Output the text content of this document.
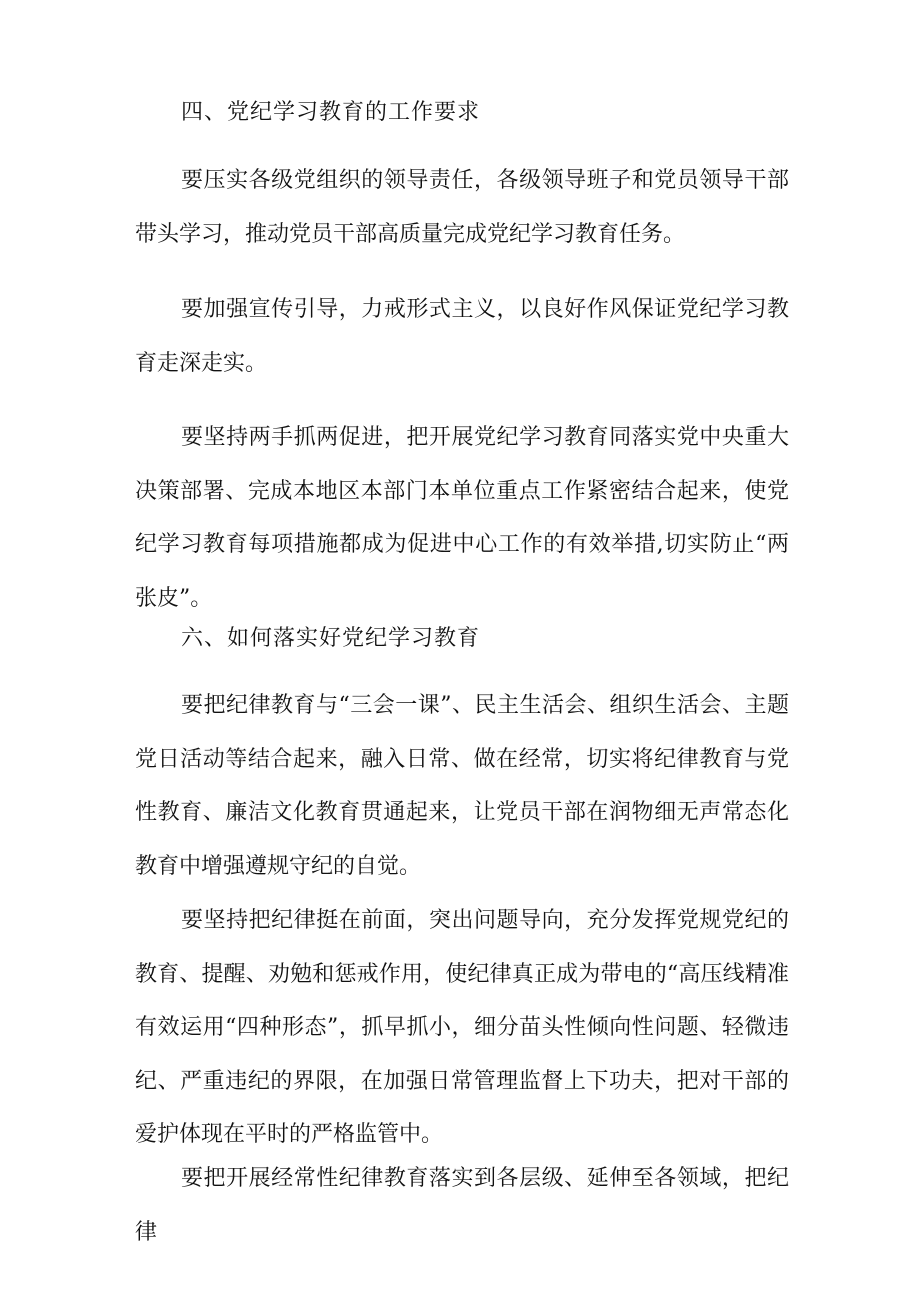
四、党纪学习教育的工作要求

要压实各级党组织的领导责任，各级领导班子和党员领导干部带头学习，推动党员干部高质量完成党纪学习教育任务。

要加强宣传引导，力戒形式主义，以良好作风保证党纪学习教育走深走实。

要坚持两手抓两促进，把开展党纪学习教育同落实党中央重大决策部署、完成本地区本部门本单位重点工作紧密结合起来，使党纪学习教育每项措施都成为促进中心工作的有效举措,切实防止“两张皮”。

六、如何落实好党纪学习教育

要把纪律教育与“三会一课”、民主生活会、组织生活会、主题党日活动等结合起来，融入日常、做在经常，切实将纪律教育与党性教育、廉洁文化教育贯通起来，让党员干部在润物细无声常态化教育中增强遵规守纪的自觉。

要坚持把纪律挺在前面，突出问题导向，充分发挥党规党纪的教育、提醒、劝勉和惩戒作用，使纪律真正成为带电的“高压线精准有效运用“四种形态”，抓早抓小，细分苗头性倾向性问题、轻微违纪、严重违纪的界限，在加强日常管理监督上下功夫，把对干部的爱护体现在平时的严格监管中。

要把开展经常性纪律教育落实到各层级、延伸至各领域，把纪律
